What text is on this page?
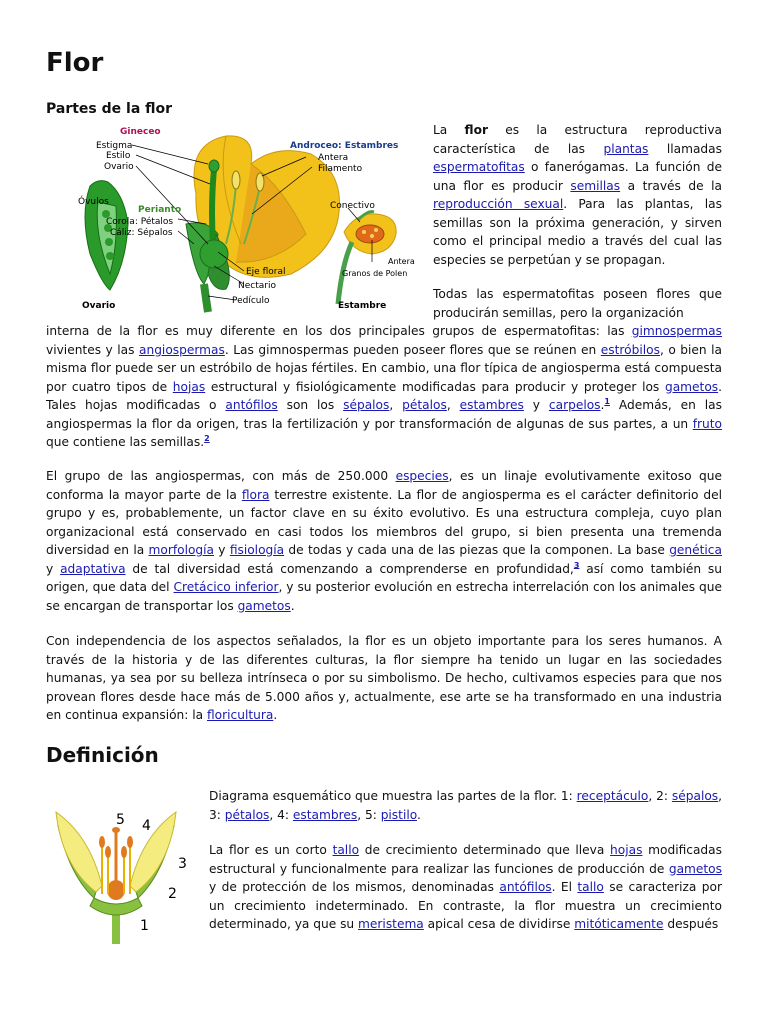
Flor
Partes de la flor
Gineceo
Estigma
Estilo
Ovario
Óvulos
Perianto
Corola: Pétalos
Cáliz: Sépalos
Eje floral
Nectario
Pedículo
Ovario
Androceo: Estambres
Antera
Filamento
Conectivo
Antera
Granos de Polen
Estambre

La flor es la estructura reproductiva característica de las plantas llamadas espermatofitas o fanerógamas. La función de una flor es producir semillas a través de la reproducción sexual. Para las plantas, las semillas son la próxima generación, y sirven como el principal medio a través del cual las especies se perpetúan y se propagan.

Todas las espermatofitas poseen flores que producirán semillas, pero la organización

interna de la flor es muy diferente en los dos principales grupos de espermatofitas: las gimnospermas vivientes y las angiospermas. Las gimnospermas pueden poseer flores que se reúnen en estróbilos, o bien la misma flor puede ser un estróbilo de hojas fértiles. En cambio, una flor típica de angiosperma está compuesta por cuatro tipos de hojas estructural y fisiológicamente modificadas para producir y proteger los gametos. Tales hojas modificadas o antófilos son los sépalos, pétalos, estambres y carpelos.$^1$ Además, en las angiospermas la flor da origen, tras la fertilización y por transformación de algunas de sus partes, a un fruto que contiene las semillas.$^2$

El grupo de las angiospermas, con más de 250.000 especies, es un linaje evolutivamente exitoso que conforma la mayor parte de la flora terrestre existente. La flor de angiosperma es el carácter definitorio del grupo y es, probablemente, un factor clave en su éxito evolutivo. Es una estructura compleja, cuyo plan organizacional está conservado en casi todos los miembros del grupo, si bien presenta una tremenda diversidad en la morfología y fisiología de todas y cada una de las piezas que la componen. La base genética y adaptativa de tal diversidad está comenzando a comprenderse en profundidad,$^3$ así como también su origen, que data del Cretácico inferior, y su posterior evolución en estrecha interrelación con los animales que se encargan de transportar los gametos.

Con independencia de los aspectos señalados, la flor es un objeto importante para los seres humanos. A través de la historia y de las diferentes culturas, la flor siempre ha tenido un lugar en las sociedades humanas, ya sea por su belleza intrínseca o por su simbolismo. De hecho, cultivamos especies para que nos provean flores desde hace más de 5.000 años y, actualmente, ese arte se ha transformado en una industria en continua expansión: la floricultura.

Definición
1
2
3
4
5

Diagrama esquemático que muestra las partes de la flor. 1: receptáculo, 2: sépalos, 3: pétalos, 4: estambres, 5: pistilo.

La flor es un corto tallo de crecimiento determinado que lleva hojas modificadas estructural y funcionalmente para realizar las funciones de producción de gametos y de protección de los mismos, denominadas antófilos. El tallo se caracteriza por un crecimiento indeterminado. En contraste, la flor muestra un crecimiento determinado, ya que su meristema apical cesa de dividirse mitóticamente después
